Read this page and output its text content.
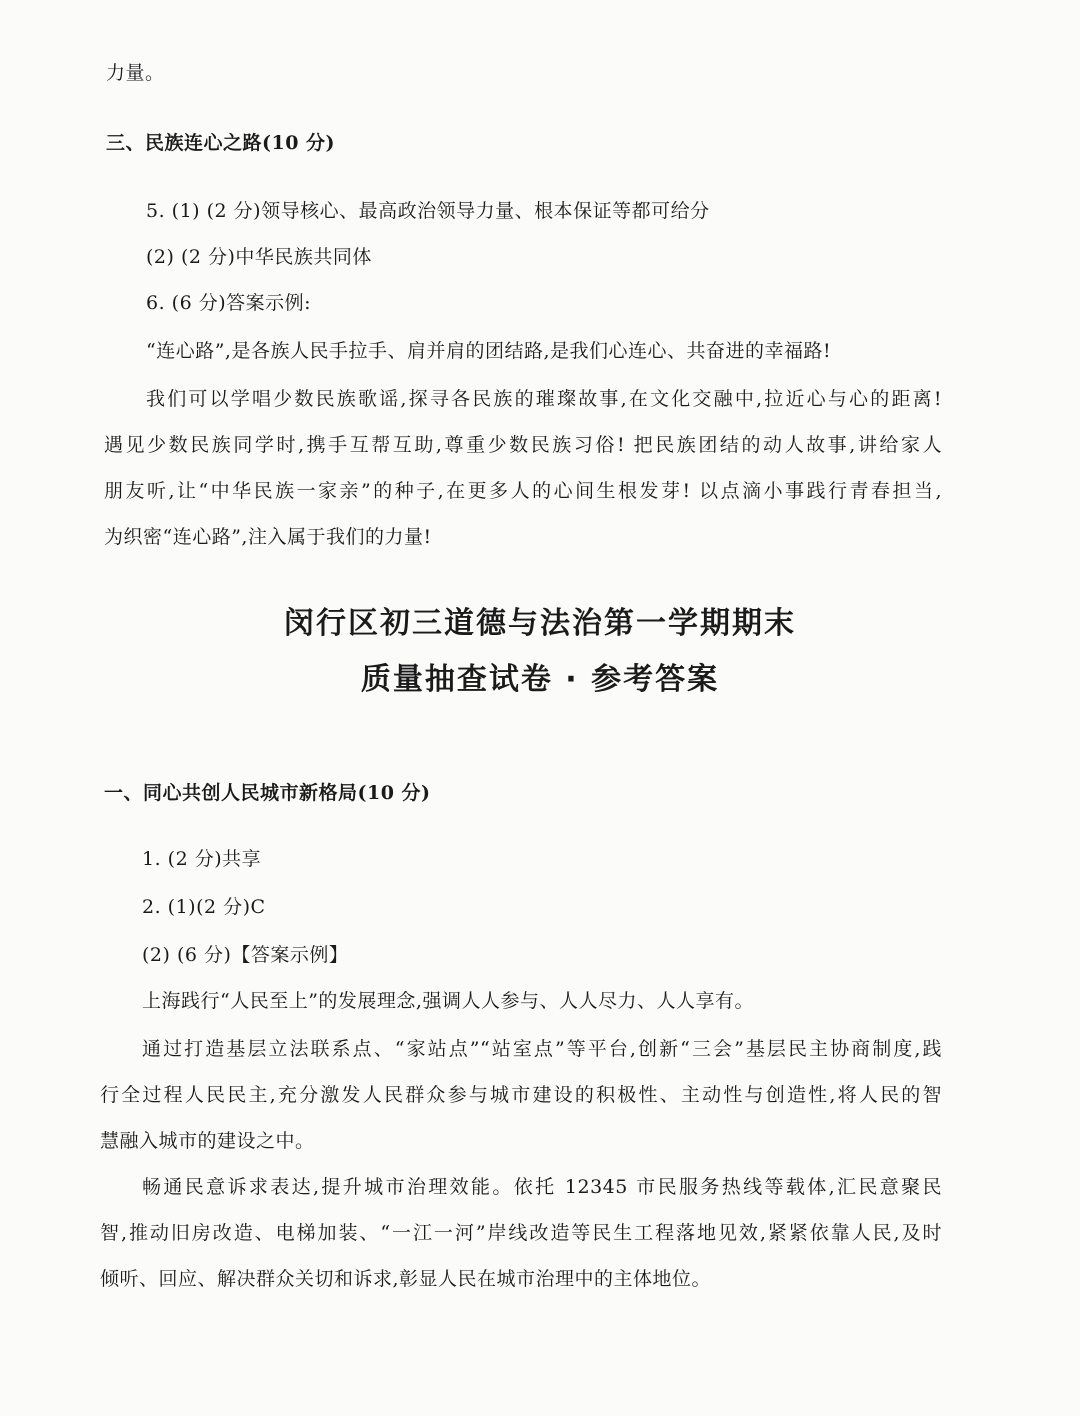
力量。
三、民族连心之路(10 分)
5. (1) (2 分)领导核心、最高政治领导力量、根本保证等都可给分
(2) (2 分)中华民族共同体
6. (6 分)答案示例:
“连心路”,是各族人民手拉手、肩并肩的团结路,是我们心连心、共奋进的幸福路!
我们可以学唱少数民族歌谣,探寻各民族的璀璨故事,在文化交融中,拉近心与心的距离!
遇见少数民族同学时,携手互帮互助,尊重少数民族习俗! 把民族团结的动人故事,讲给家人
朋友听,让“中华民族一家亲”的种子,在更多人的心间生根发芽! 以点滴小事践行青春担当,
为织密“连心路”,注入属于我们的力量!
闵行区初三道德与法治第一学期期末
质量抽查试卷 · 参考答案
一、同心共创人民城市新格局(10 分)
1. (2 分)共享
2. (1)(2 分)C
(2) (6 分)【答案示例】
上海践行“人民至上”的发展理念,强调人人参与、人人尽力、人人享有。
通过打造基层立法联系点、“家站点”“站室点”等平台,创新“三会”基层民主协商制度,践
行全过程人民民主,充分激发人民群众参与城市建设的积极性、主动性与创造性,将人民的智
慧融入城市的建设之中。
畅通民意诉求表达,提升城市治理效能。依托 12345 市民服务热线等载体,汇民意聚民
智,推动旧房改造、电梯加装、“一江一河”岸线改造等民生工程落地见效,紧紧依靠人民,及时
倾听、回应、解决群众关切和诉求,彰显人民在城市治理中的主体地位。
